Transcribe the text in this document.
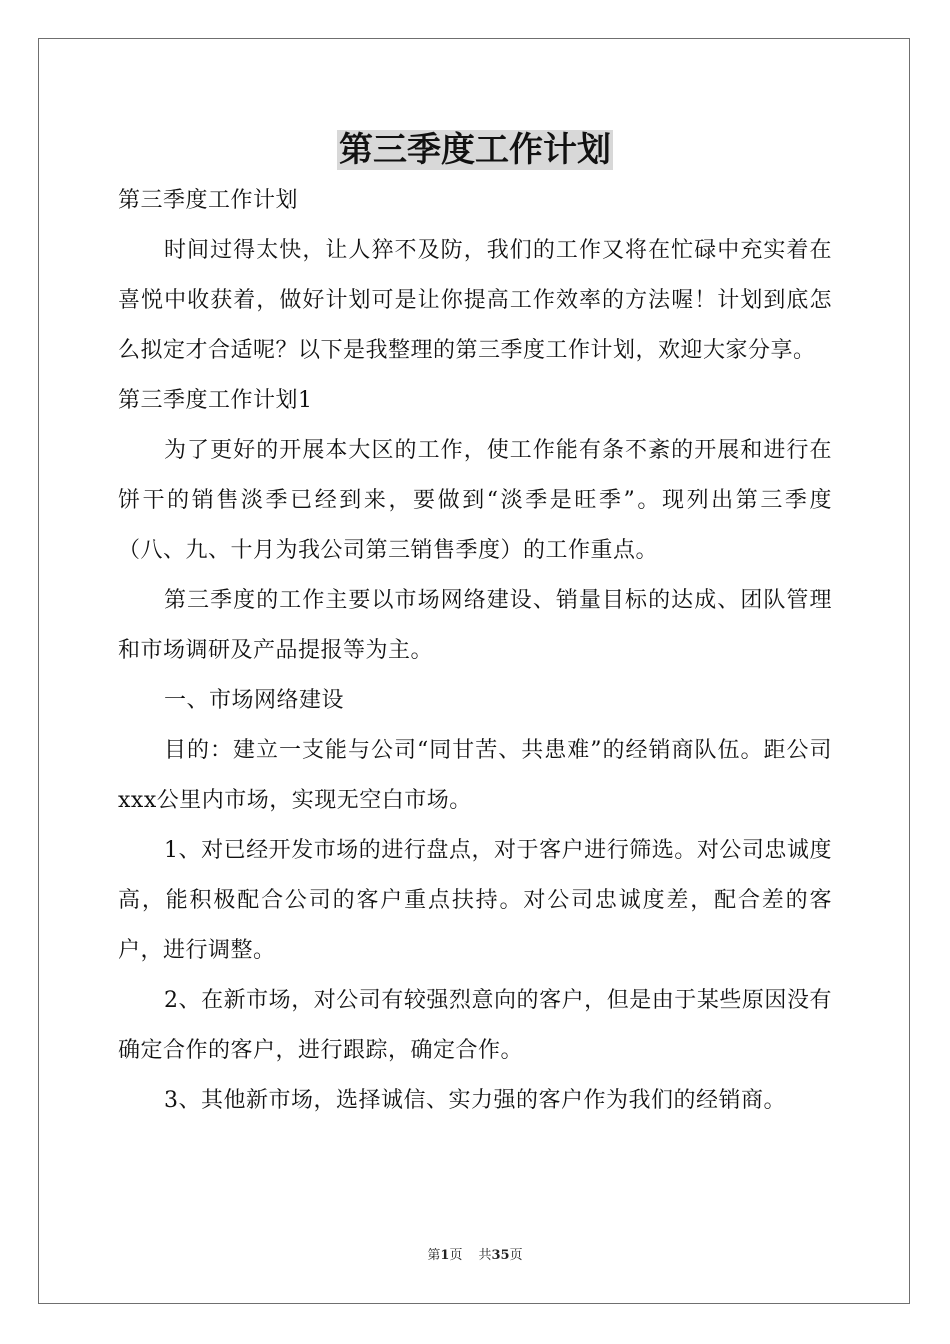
第三季度工作计划

第三季度工作计划

时间过得太快，让人猝不及防，我们的工作又将在忙碌中充实着在喜悦中收获着，做好计划可是让你提高工作效率的方法喔！计划到底怎么拟定才合适呢？以下是我整理的第三季度工作计划，欢迎大家分享。

第三季度工作计划1

为了更好的开展本大区的工作，使工作能有条不紊的开展和进行在饼干的销售淡季已经到来，要做到“淡季是旺季”。现列出第三季度（八、九、十月为我公司第三销售季度）的工作重点。

第三季度的工作主要以市场网络建设、销量目标的达成、团队管理和市场调研及产品提报等为主。

一、市场网络建设

目的：建立一支能与公司“同甘苦、共患难”的经销商队伍。距公司xxx公里内市场，实现无空白市场。

1、对已经开发市场的进行盘点，对于客户进行筛选。对公司忠诚度高，能积极配合公司的客户重点扶持。对公司忠诚度差，配合差的客户，进行调整。

2、在新市场，对公司有较强烈意向的客户，但是由于某些原因没有确定合作的客户，进行跟踪，确定合作。

3、其他新市场，选择诚信、实力强的客户作为我们的经销商。

第1页 共35页
